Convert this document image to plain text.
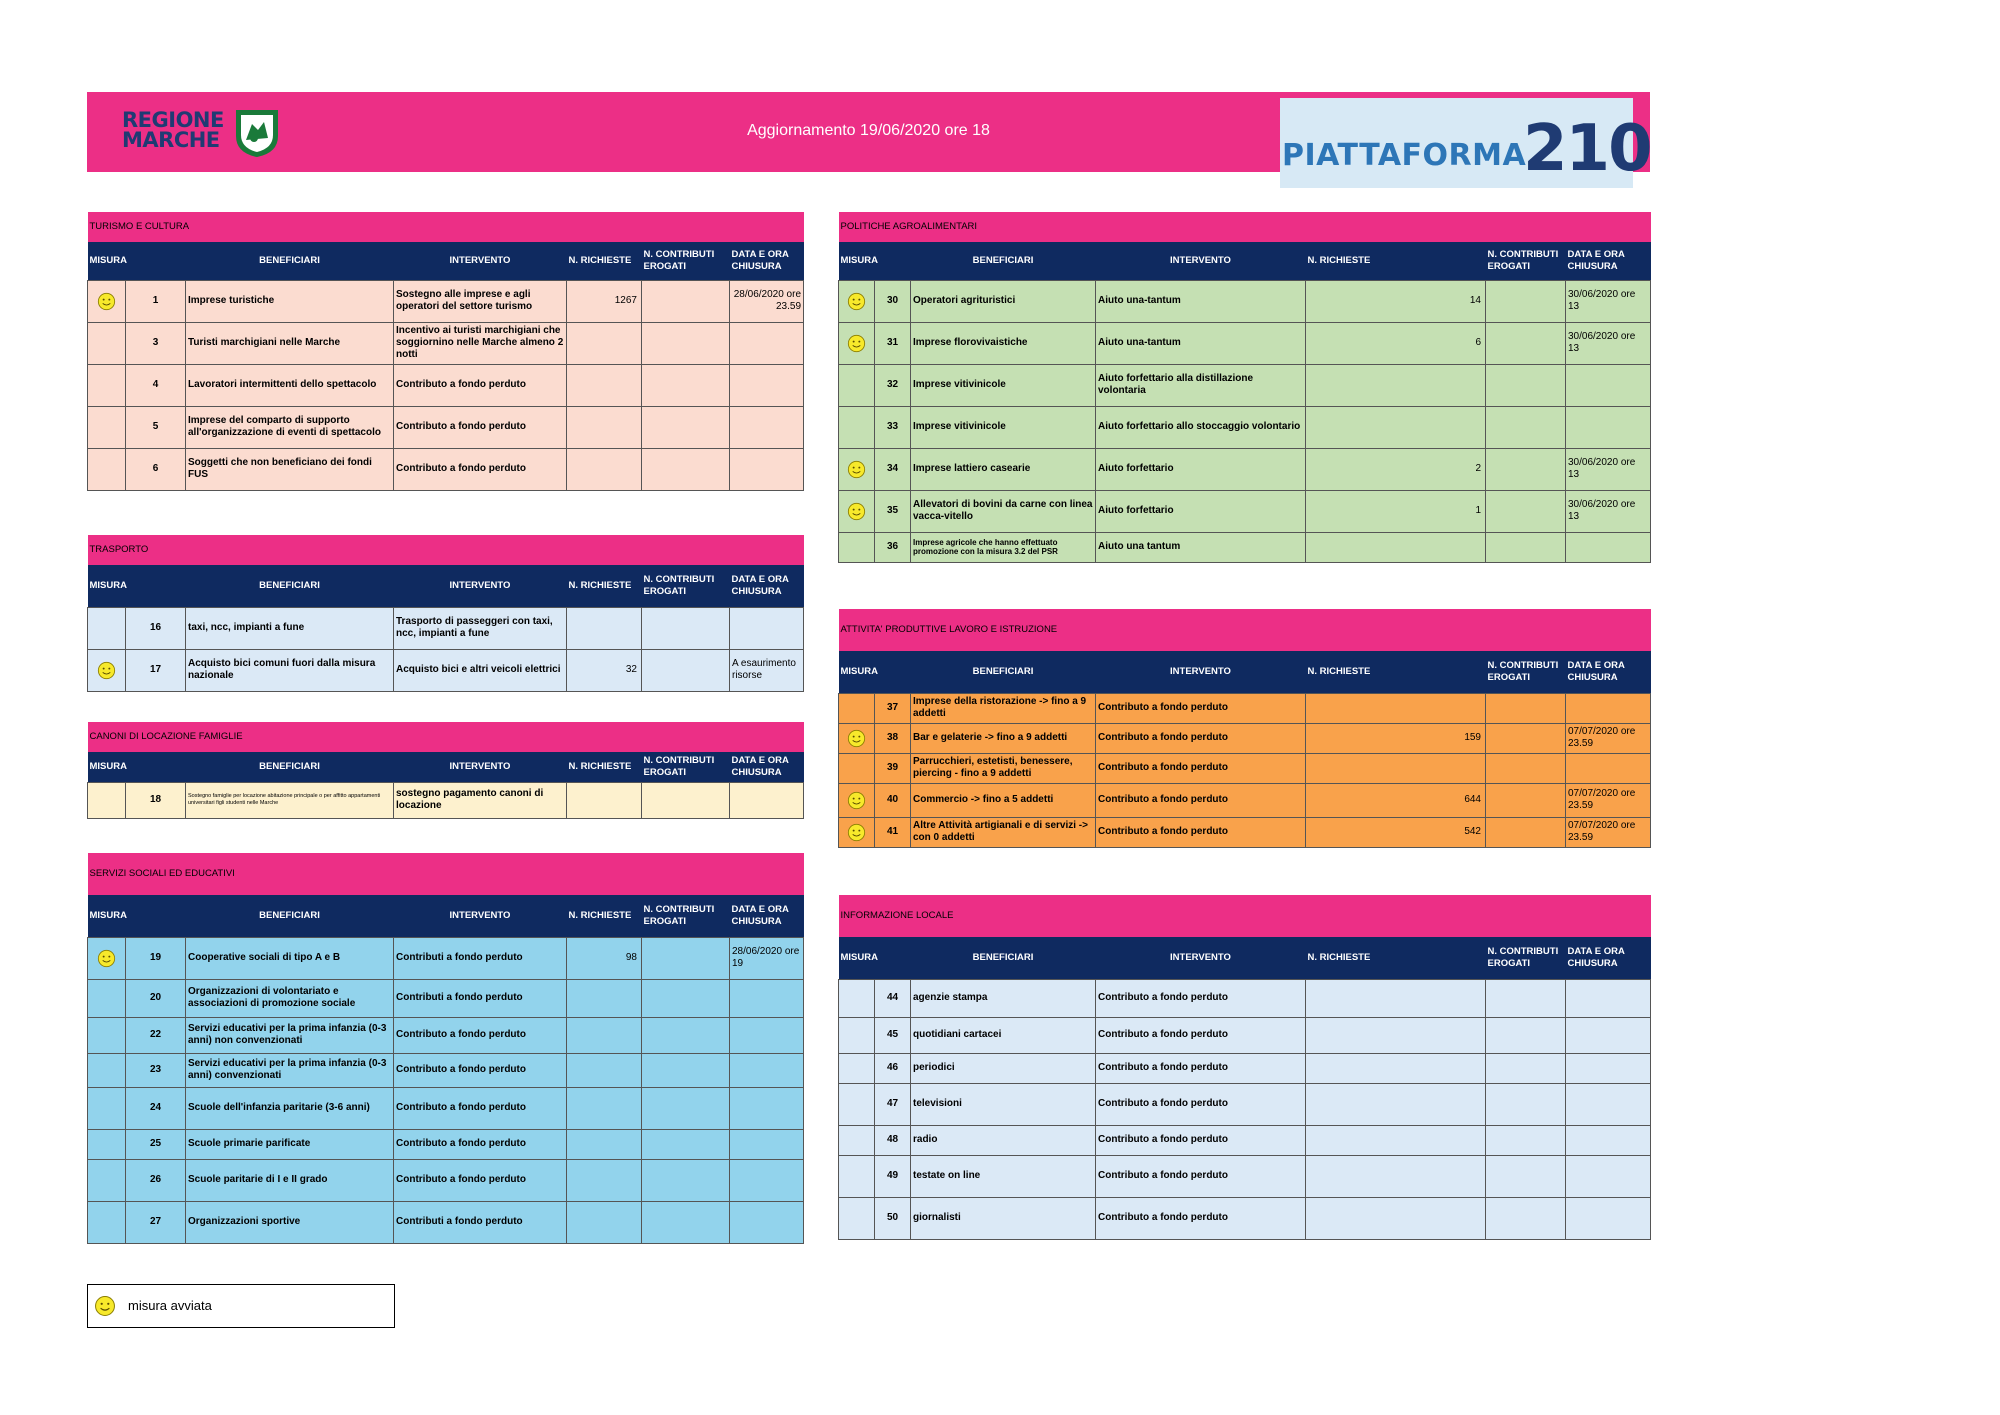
REGIONE
MARCHE	Aggiornamento 19/06/2020 ore 18
PIATTAFORMA
210
TURISMO E CULTURA						
MISURA		BENEFICIARI	INTERVENTO	N. RICHIESTE	N. CONTRIBUTI EROGATI	DATA E ORA CHIUSURA
	1	Imprese turistiche	Sostegno alle imprese e agli operatori del settore turismo	1267		28/06/2020 ore 23.59
	3	Turisti marchigiani nelle Marche	Incentivo ai turisti marchigiani che soggiornino nelle Marche almeno 2 notti			
	4	Lavoratori intermittenti dello spettacolo	Contributo a fondo perduto			
	5	Imprese del comparto di supporto all'organizzazione di eventi di spettacolo	Contributo a fondo perduto			
	6	Soggetti che non beneficiano dei fondi FUS	Contributo a fondo perduto			
TRASPORTO						
MISURA		BENEFICIARI	INTERVENTO	N. RICHIESTE	N. CONTRIBUTI EROGATI	DATA E ORA CHIUSURA
	16	taxi, ncc, impianti a fune	Trasporto di passeggeri con taxi, ncc, impianti a fune			
	17	Acquisto bici comuni fuori dalla misura nazionale	Acquisto bici e altri veicoli elettrici	32		A esaurimento risorse
CANONI DI LOCAZIONE FAMIGLIE						
MISURA		BENEFICIARI	INTERVENTO	N. RICHIESTE	N. CONTRIBUTI EROGATI	DATA E ORA CHIUSURA
	18	Sostegno famiglie per locazione abitazione principale o per affitto appartamenti universitari figli studenti nelle Marche	sostegno pagamento canoni di locazione			
SERVIZI SOCIALI ED EDUCATIVI						
MISURA		BENEFICIARI	INTERVENTO	N. RICHIESTE	N. CONTRIBUTI EROGATI	DATA E ORA CHIUSURA
	19	Cooperative sociali di tipo A e B	Contributi a fondo perduto	98		28/06/2020 ore 19
	20	Organizzazioni di volontariato e associazioni di promozione sociale	Contributi a fondo perduto			
	22	Servizi educativi per la prima infanzia (0-3 anni) non convenzionati	Contributo a fondo perduto			
	23	Servizi educativi per la prima infanzia (0-3 anni) convenzionati	Contributo a fondo perduto			
	24	Scuole dell'infanzia paritarie (3-6 anni)	Contributo a fondo perduto			
	25	Scuole primarie parificate	Contributo a fondo perduto			
	26	Scuole paritarie di I e II grado	Contributo a fondo perduto			
	27	Organizzazioni sportive	Contributi a fondo perduto			
POLITICHE AGROALIMENTARI						
MISURA		BENEFICIARI	INTERVENTO	N. RICHIESTE	N. CONTRIBUTI EROGATI	DATA E ORA CHIUSURA
	30	Operatori agrituristici	Aiuto una-tantum	14		30/06/2020 ore 13
	31	Imprese florovivaistiche	Aiuto una-tantum	6		30/06/2020 ore 13
	32	Imprese vitivinicole	Aiuto forfettario alla distillazione volontaria			
	33	Imprese vitivinicole	Aiuto forfettario allo stoccaggio volontario			
	34	Imprese lattiero casearie	Aiuto forfettario	2		30/06/2020 ore 13
	35	Allevatori di bovini da carne con linea vacca-vitello	Aiuto forfettario	1		30/06/2020 ore 13
	36	Imprese agricole che hanno effettuato promozione con la misura 3.2 del PSR	Aiuto una tantum			
ATTIVITA' PRODUTTIVE LAVORO E ISTRUZIONE						
MISURA		BENEFICIARI	INTERVENTO	N. RICHIESTE	N. CONTRIBUTI EROGATI	DATA E ORA CHIUSURA
	37	Imprese della ristorazione -> fino a 9 addetti	Contributo a fondo perduto			
	38	Bar e gelaterie -> fino a 9 addetti	Contributo a fondo perduto	159		07/07/2020 ore 23.59
	39	Parrucchieri, estetisti, benessere, piercing - fino a 9 addetti	Contributo a fondo perduto			
	40	Commercio -> fino a 5 addetti	Contributo a fondo perduto	644		07/07/2020 ore 23.59
	41	Altre Attività artigianali e di servizi -> con 0 addetti	Contributo a fondo perduto	542		07/07/2020 ore 23.59
INFORMAZIONE LOCALE						
MISURA		BENEFICIARI	INTERVENTO	N. RICHIESTE	N. CONTRIBUTI EROGATI	DATA E ORA CHIUSURA
	44	agenzie stampa	Contributo a fondo perduto			
	45	quotidiani cartacei	Contributo a fondo perduto			
	46	periodici	Contributo a fondo perduto			
	47	televisioni	Contributo a fondo perduto			
	48	radio	Contributo a fondo perduto			
	49	testate on line	Contributo a fondo perduto			
	50	giornalisti	Contributo a fondo perduto			
misura avviata
